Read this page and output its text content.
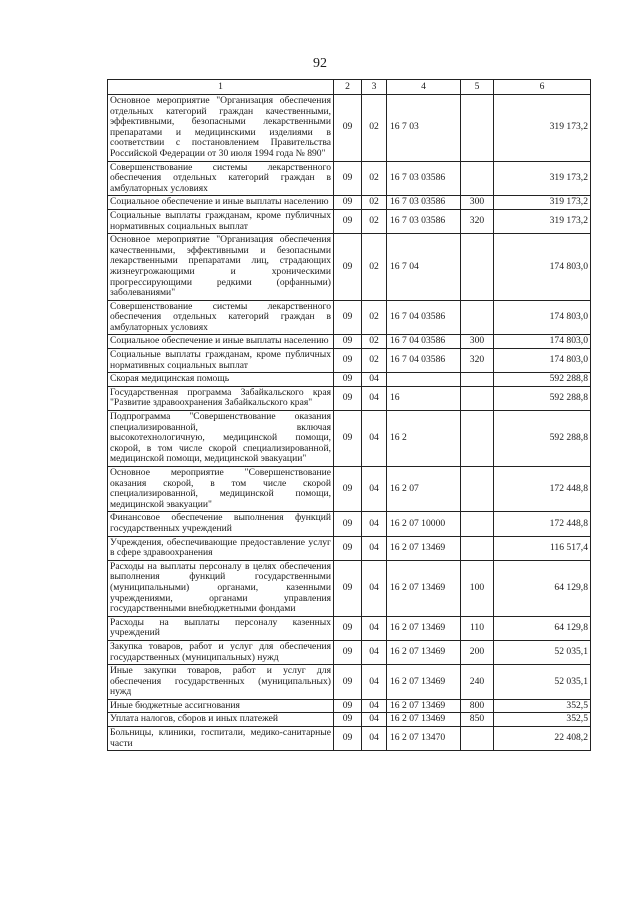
92
1	2	3	4	5	6
Основное мероприятие "Организация обеспечения отдельных категорий граждан качественными, эффективными, безопасными лекарственными препаратами и медицинскими изделиями в соответствии с постановлением Правительства Российской Федерации от 30 июля 1994 года № 890"	09	02	16 7 03		319 173,2
Совершенствование системы лекарственного обеспечения отдельных категорий граждан в амбулаторных условиях	09	02	16 7 03 03586		319 173,2
Социальное обеспечение и иные выплаты населению	09	02	16 7 03 03586	300	319 173,2
Социальные выплаты гражданам, кроме публичных нормативных социальных выплат	09	02	16 7 03 03586	320	319 173,2
Основное мероприятие "Организация обеспечения качественными, эффективными и безопасными лекарственными препаратами лиц, страдающих жизнеугрожающими и хроническими прогрессирующими редкими (орфанными) заболеваниями"	09	02	16 7 04		174 803,0
Совершенствование системы лекарственного обеспечения отдельных категорий граждан в амбулаторных условиях	09	02	16 7 04 03586		174 803,0
Социальное обеспечение и иные выплаты населению	09	02	16 7 04 03586	300	174 803,0
Социальные выплаты гражданам, кроме публичных нормативных социальных выплат	09	02	16 7 04 03586	320	174 803,0
Скорая медицинская помощь	09	04			592 288,8
Государственная программа Забайкальского края "Развитие здравоохранения Забайкальского края"	09	04	16		592 288,8
Подпрограмма "Совершенствование оказания специализированной, включая высокотехнологичную, медицинской помощи, скорой, в том числе скорой специализированной, медицинской помощи, медицинской эвакуации"	09	04	16 2		592 288,8
Основное мероприятие "Совершенствование оказания скорой, в том числе скорой специализированной, медицинской помощи, медицинской эвакуации"	09	04	16 2 07		172 448,8
Финансовое обеспечение выполнения функций государственных учреждений	09	04	16 2 07 10000		172 448,8
Учреждения, обеспечивающие предоставление услуг в сфере здравоохранения	09	04	16 2 07 13469		116 517,4
Расходы на выплаты персоналу в целях обеспечения выполнения функций государственными (муниципальными) органами, казенными учреждениями, органами управления государственными внебюджетными фондами	09	04	16 2 07 13469	100	64 129,8
Расходы на выплаты персоналу казенных учреждений	09	04	16 2 07 13469	110	64 129,8
Закупка товаров, работ и услуг для обеспечения государственных (муниципальных) нужд	09	04	16 2 07 13469	200	52 035,1
Иные закупки товаров, работ и услуг для обеспечения государственных (муниципальных) нужд	09	04	16 2 07 13469	240	52 035,1
Иные бюджетные ассигнования	09	04	16 2 07 13469	800	352,5
Уплата налогов, сборов и иных платежей	09	04	16 2 07 13469	850	352,5
Больницы, клиники, госпитали, медико-санитарные части	09	04	16 2 07 13470		22 408,2
